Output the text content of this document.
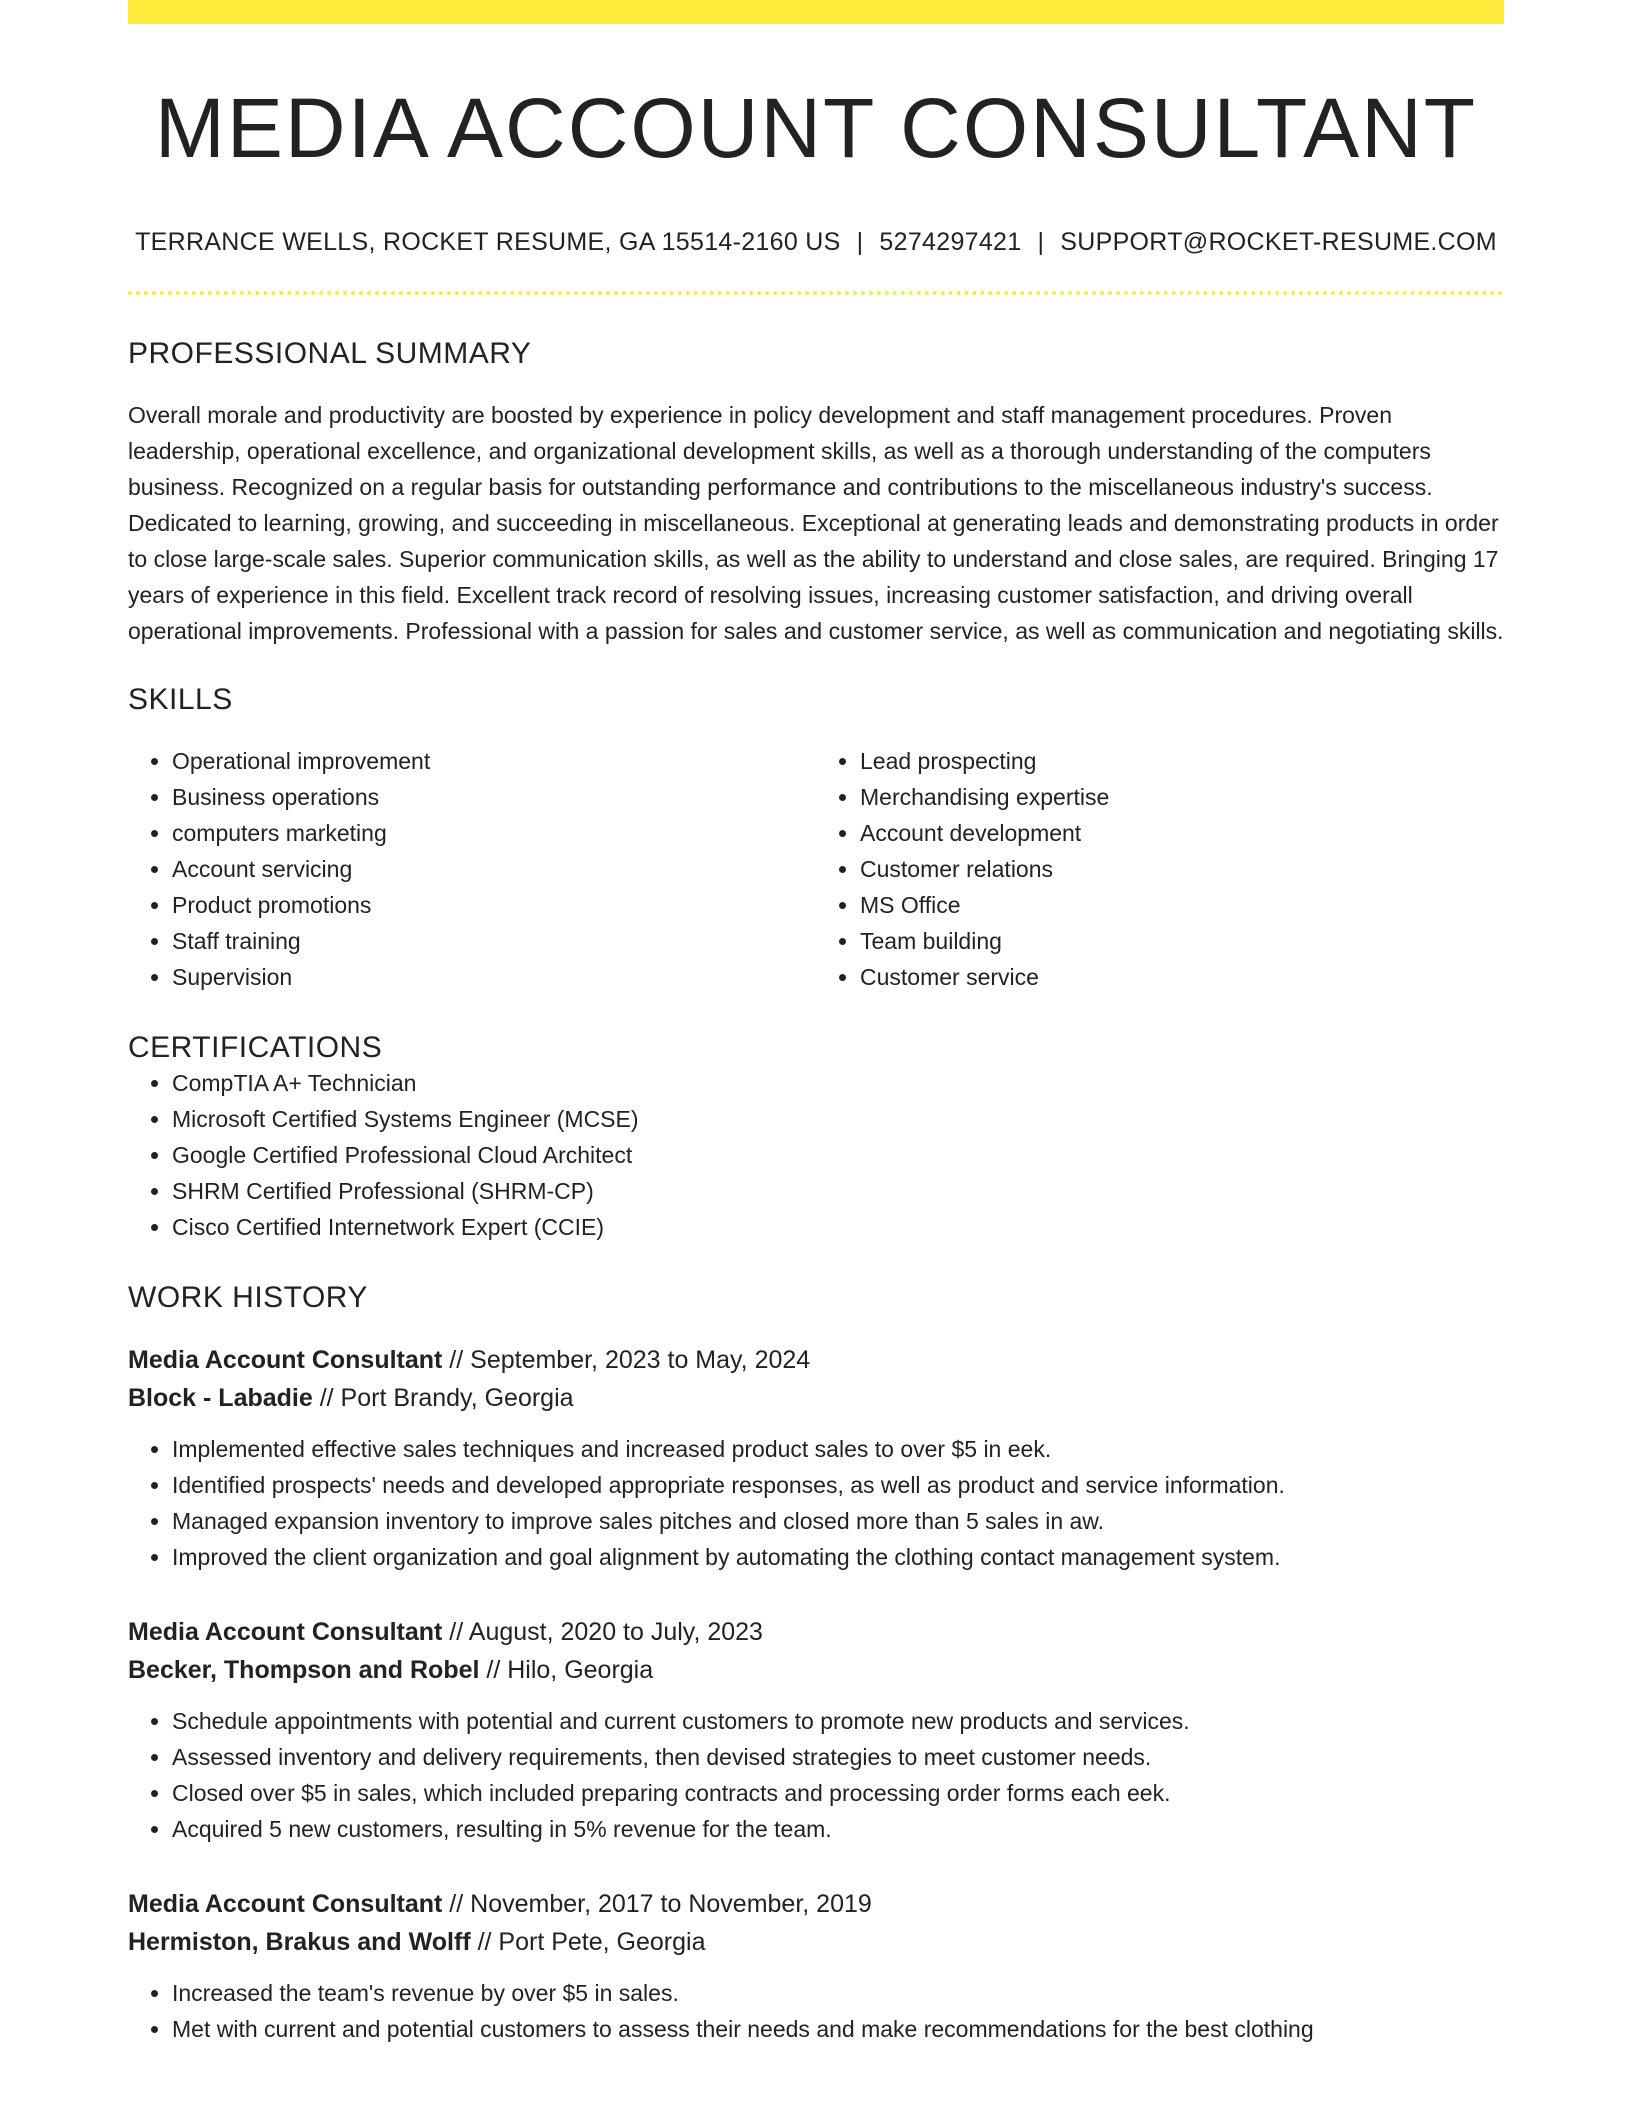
MEDIA ACCOUNT CONSULTANT
TERRANCE WELLS, ROCKET RESUME, GA 15514-2160 US | 5274297421 | SUPPORT@ROCKET-RESUME.COM
PROFESSIONAL SUMMARY

Overall morale and productivity are boosted by experience in policy development and staff management procedures. Proven leadership, operational excellence, and organizational development skills, as well as a thorough understanding of the computers business. Recognized on a regular basis for outstanding performance and contributions to the miscellaneous industry's success. Dedicated to learning, growing, and succeeding in miscellaneous. Exceptional at generating leads and demonstrating products in order to close large-scale sales. Superior communication skills, as well as the ability to understand and close sales, are required. Bringing 17 years of experience in this field. Excellent track record of resolving issues, increasing customer satisfaction, and driving overall operational improvements. Professional with a passion for sales and customer service, as well as communication and negotiating skills.

SKILLS
• Operational improvement
• Business operations
• computers marketing
• Account servicing
• Product promotions
• Staff training
• Supervision
• Lead prospecting
• Merchandising expertise
• Account development
• Customer relations
• MS Office
• Team building
• Customer service
CERTIFICATIONS
• CompTIA A+ Technician
• Microsoft Certified Systems Engineer (MCSE)
• Google Certified Professional Cloud Architect
• SHRM Certified Professional (SHRM-CP)
• Cisco Certified Internetwork Expert (CCIE)
WORK HISTORY
Media Account Consultant // September, 2023 to May, 2024
Block - Labadie // Port Brandy, Georgia
• Implemented effective sales techniques and increased product sales to over $5 in eek.
• Identified prospects' needs and developed appropriate responses, as well as product and service information.
• Managed expansion inventory to improve sales pitches and closed more than 5 sales in aw.
• Improved the client organization and goal alignment by automating the clothing contact management system.
Media Account Consultant // August, 2020 to July, 2023
Becker, Thompson and Robel // Hilo, Georgia
• Schedule appointments with potential and current customers to promote new products and services.
• Assessed inventory and delivery requirements, then devised strategies to meet customer needs.
• Closed over $5 in sales, which included preparing contracts and processing order forms each eek.
• Acquired 5 new customers, resulting in 5% revenue for the team.
Media Account Consultant // November, 2017 to November, 2019
Hermiston, Brakus and Wolff // Port Pete, Georgia
• Increased the team's revenue by over $5 in sales.
• Met with current and potential customers to assess their needs and make recommendations for the best clothing
